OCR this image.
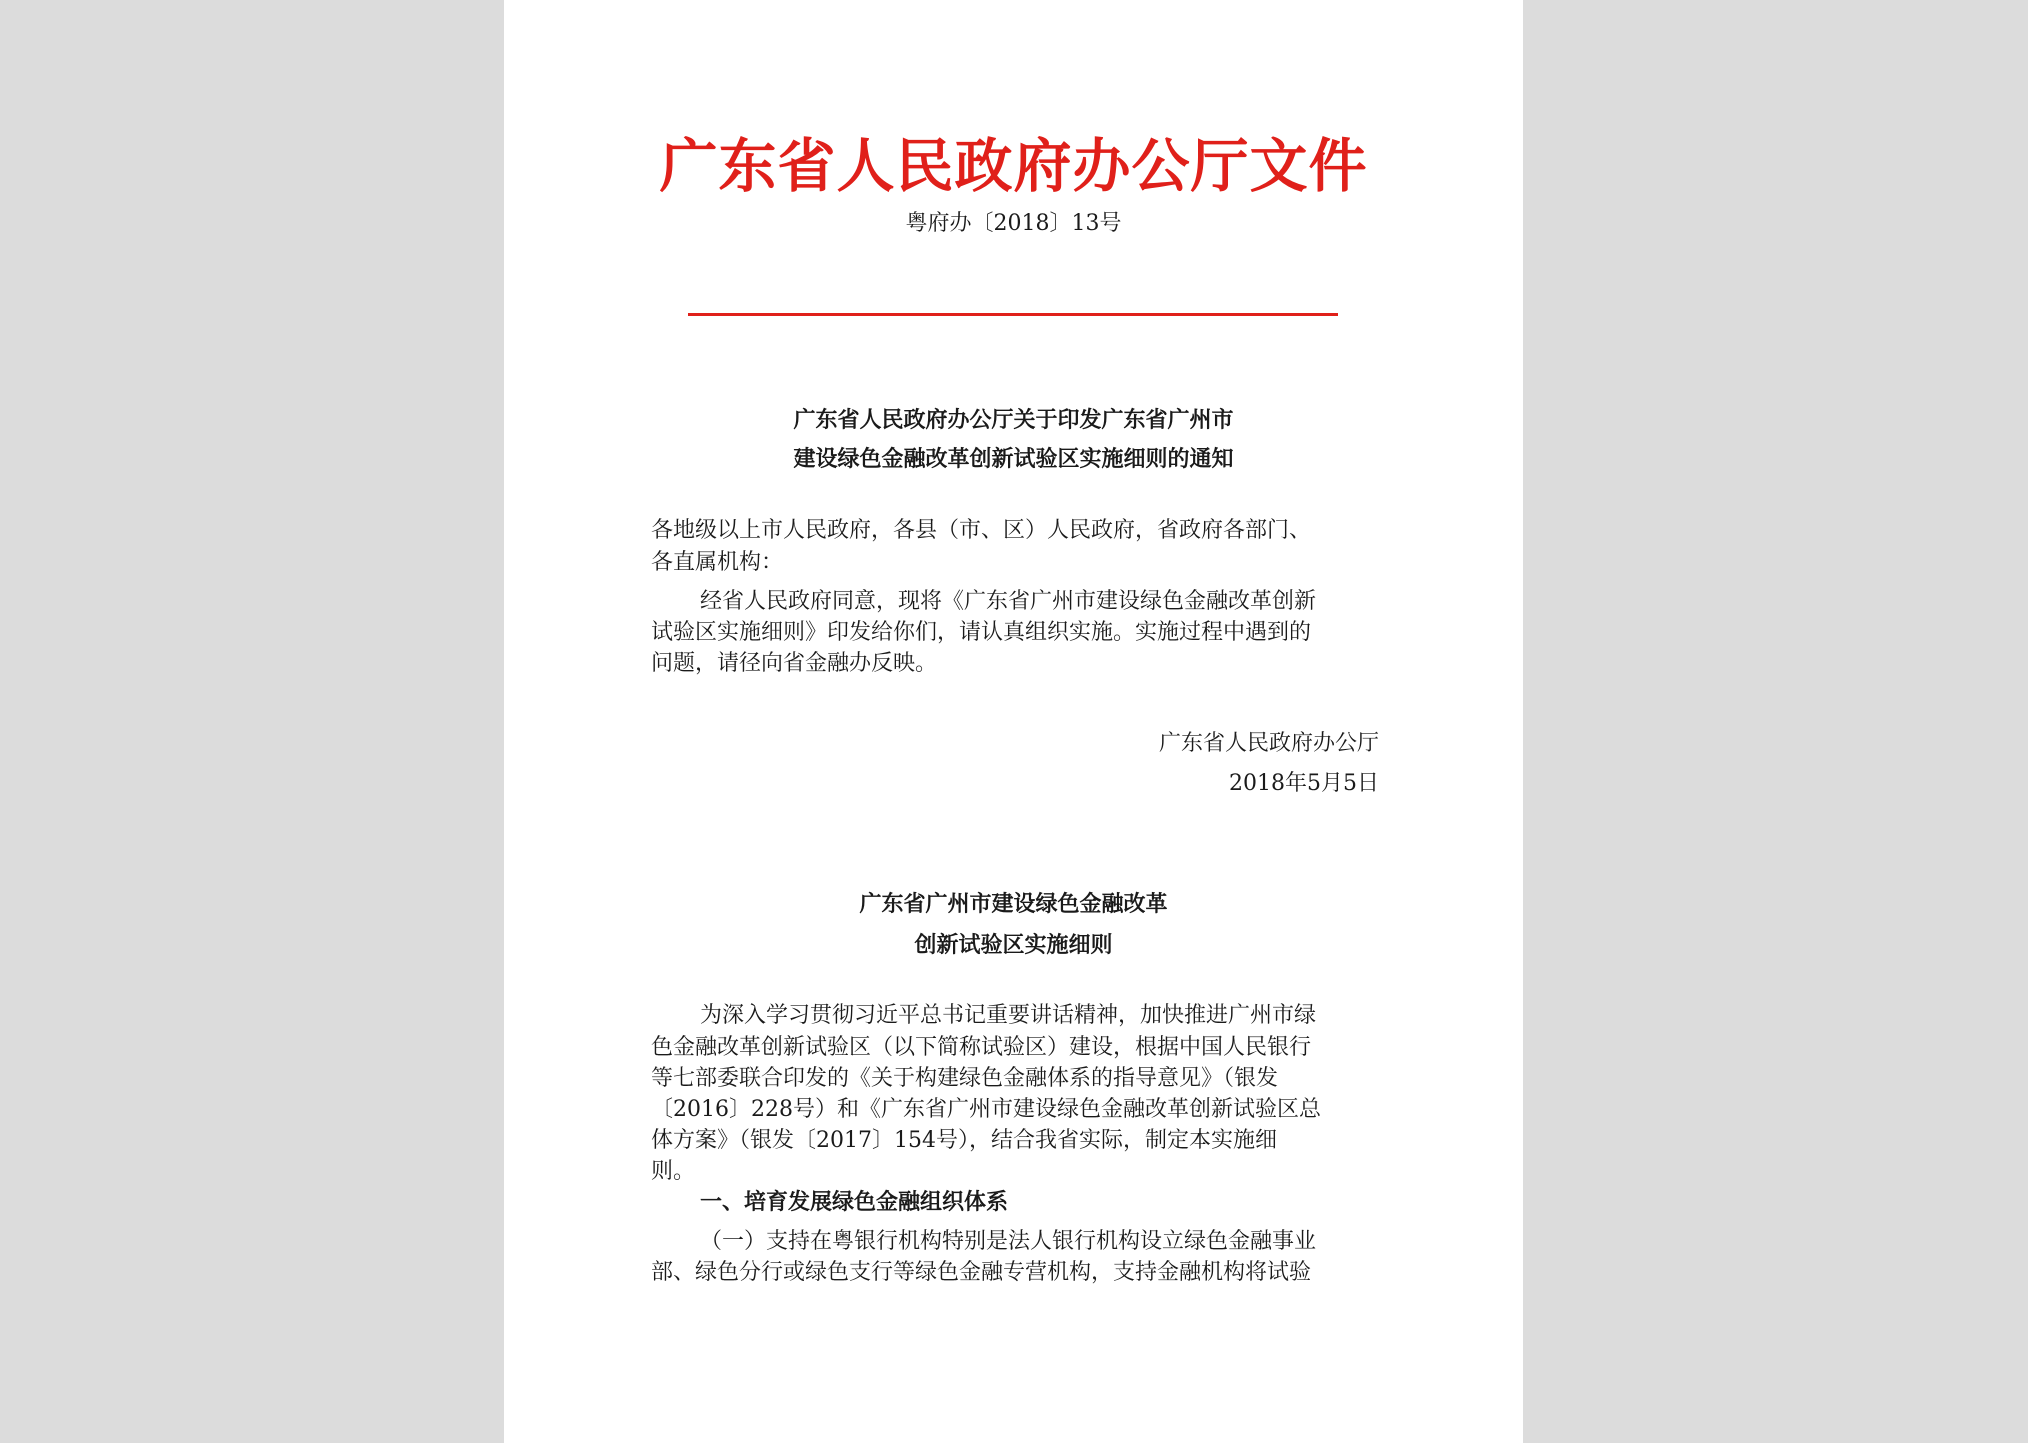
广东省人民政府办公厅文件
粤府办〔2018〕13号
广东省人民政府办公厅关于印发广东省广州市
建设绿色金融改革创新试验区实施细则的通知
各地级以上市人民政府，各县（市、区）人民政府，省政府各部门、
各直属机构：
经省人民政府同意，现将《广东省广州市建设绿色金融改革创新
试验区实施细则》印发给你们，请认真组织实施。实施过程中遇到的
问题，请径向省金融办反映。
广东省人民政府办公厅
2018年5月5日
广东省广州市建设绿色金融改革
创新试验区实施细则
为深入学习贯彻习近平总书记重要讲话精神，加快推进广州市绿
色金融改革创新试验区（以下简称试验区）建设，根据中国人民银行
等七部委联合印发的《关于构建绿色金融体系的指导意见》（银发
〔2016〕228号）和《广东省广州市建设绿色金融改革创新试验区总
体方案》（银发〔2017〕154号），结合我省实际，制定本实施细
则。
一、培育发展绿色金融组织体系
（一）支持在粤银行机构特别是法人银行机构设立绿色金融事业
部、绿色分行或绿色支行等绿色金融专营机构，支持金融机构将试验
